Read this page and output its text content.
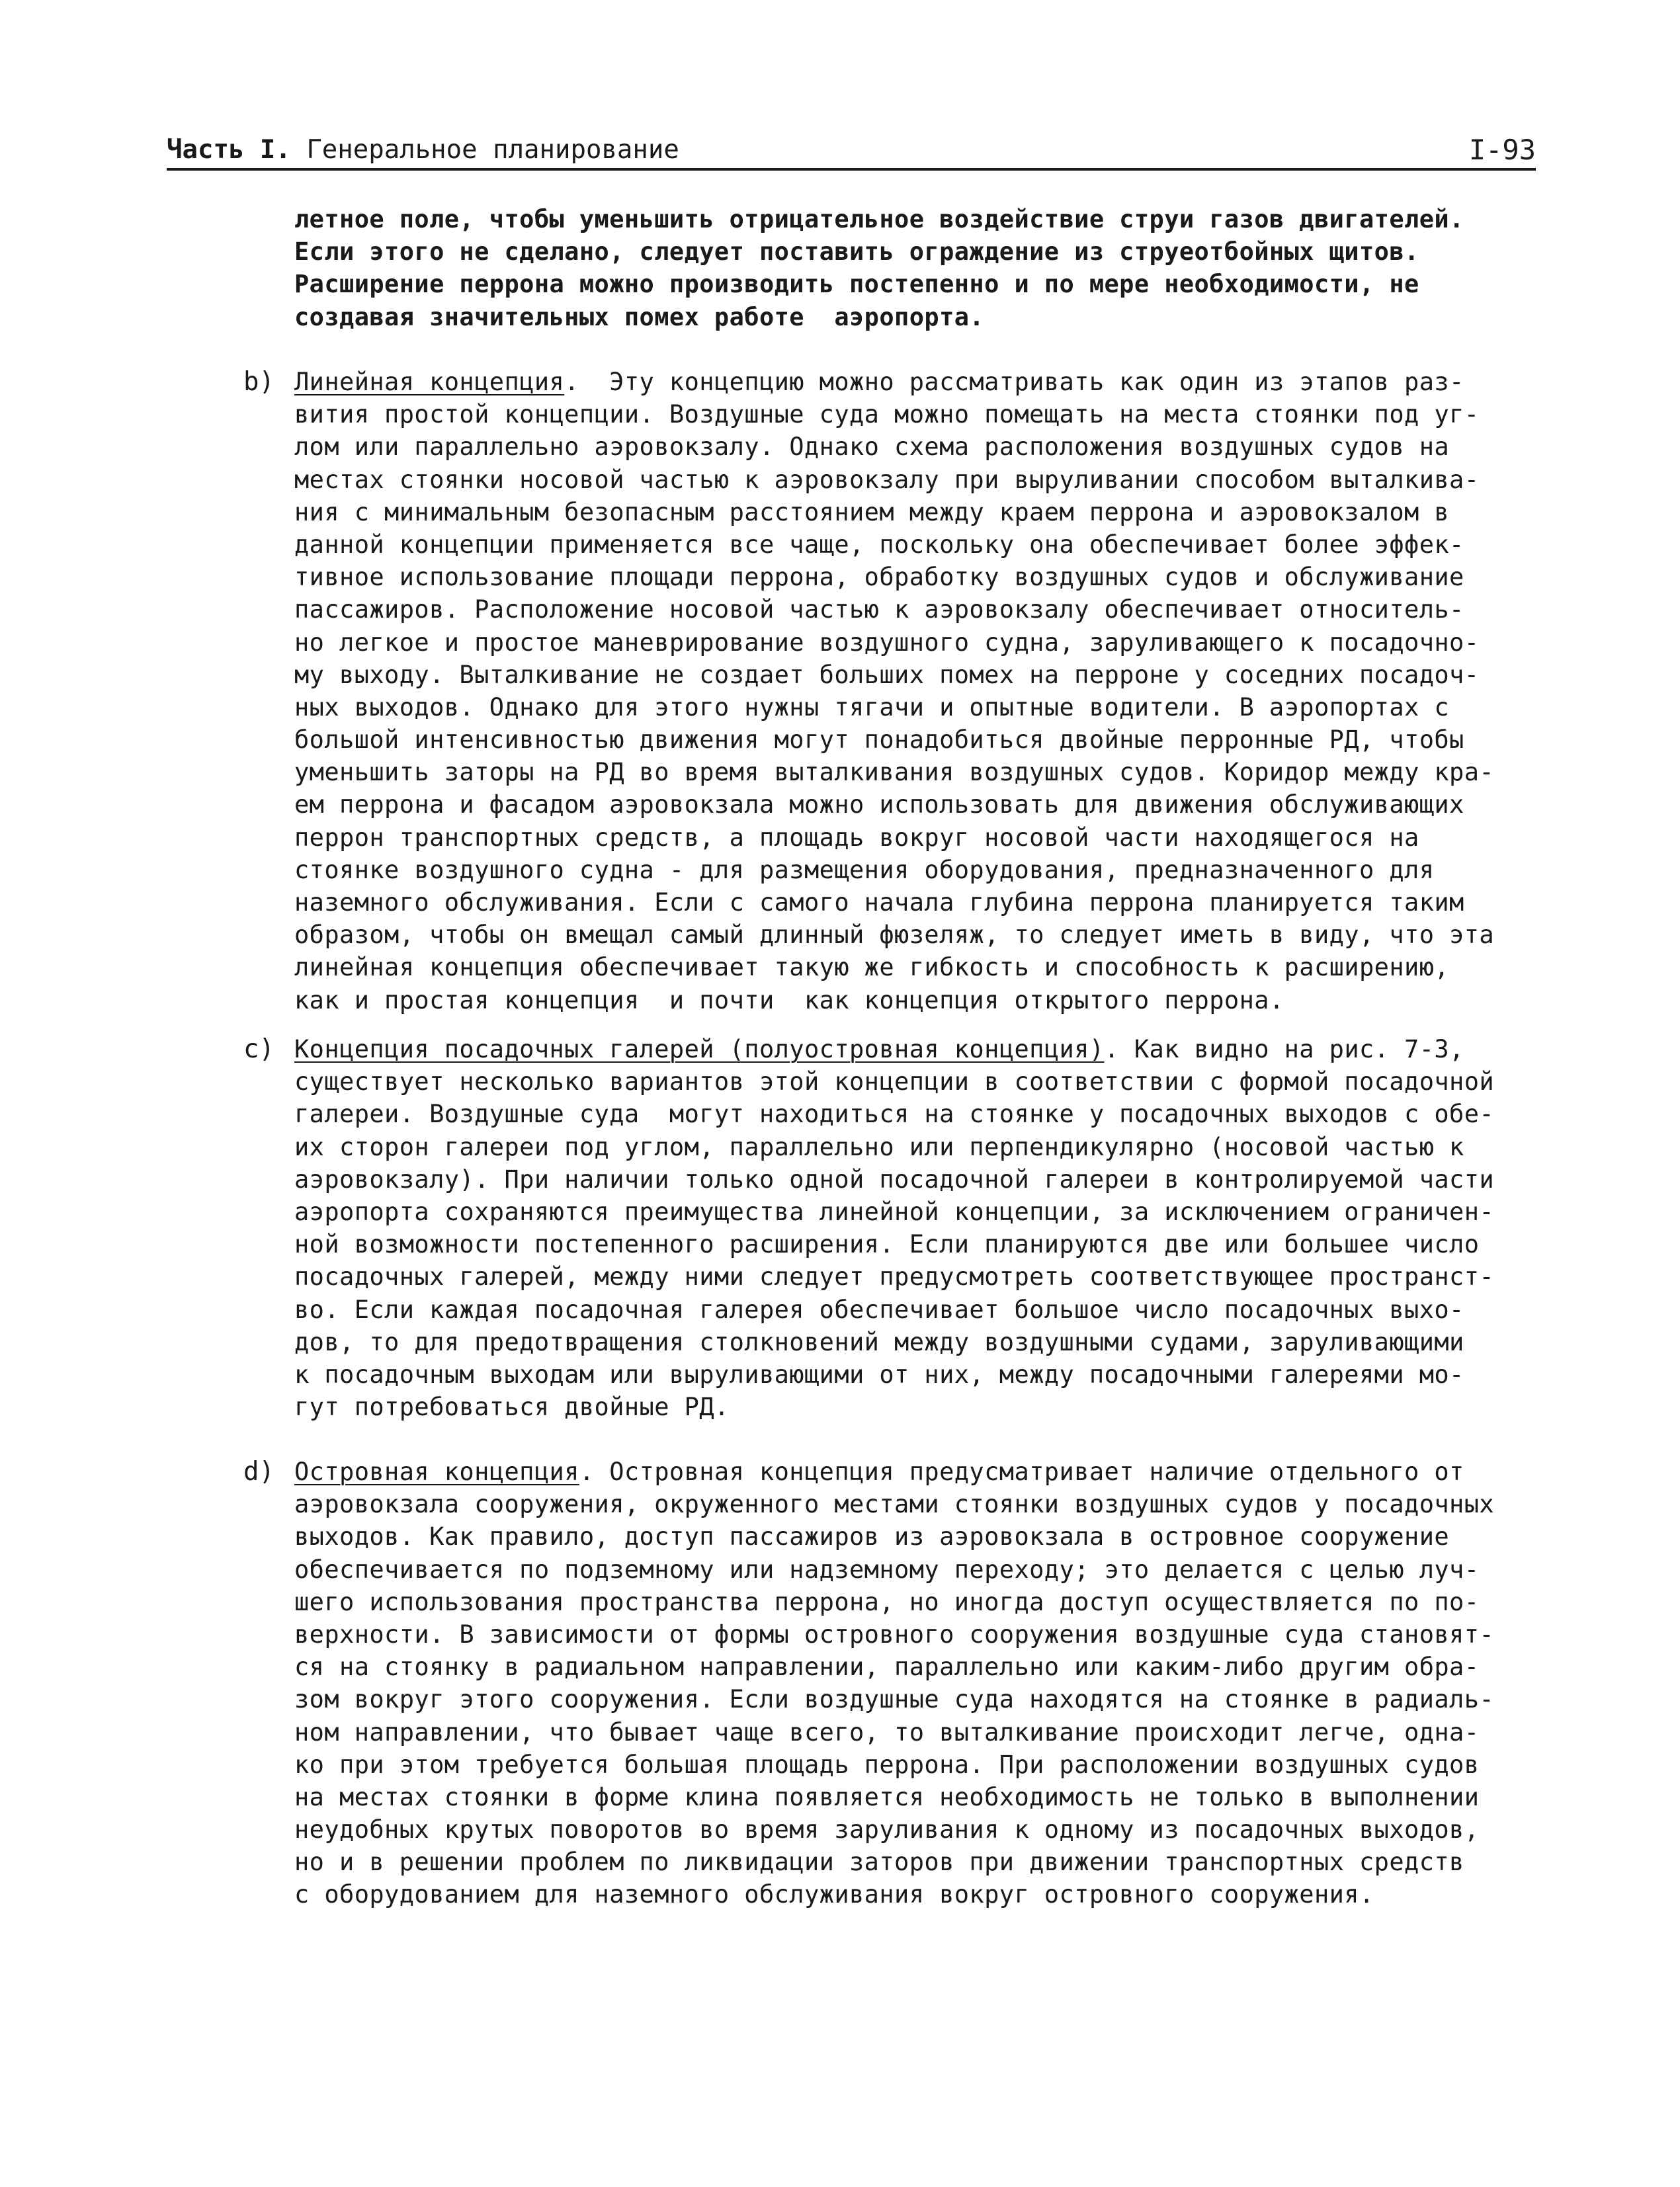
Часть I. Генеральное планирование	I-93
летное поле, чтобы уменьшить отрицательное воздействие струи газов двигателей.
Если этого не сделано, следует поставить ограждение из струеотбойных щитов.
Расширение перрона можно производить постепенно и по мере необходимости, не
создавая значительных помех работе  аэропорта.
b) Линейная концепция.  Эту концепцию можно рассматривать как один из этапов раз-
вития простой концепции. Воздушные суда можно помещать на места стоянки под уг-
лом или параллельно аэровокзалу. Однако схема расположения воздушных судов на
местах стоянки носовой частью к аэровокзалу при выруливании способом выталкива-
ния с минимальным безопасным расстоянием между краем перрона и аэровокзалом в
данной концепции применяется все чаще, поскольку она обеспечивает более эффек-
тивное использование площади перрона, обработку воздушных судов и обслуживание
пассажиров. Расположение носовой частью к аэровокзалу обеспечивает относитель-
но легкое и простое маневрирование воздушного судна, заруливающего к посадочно-
му выходу. Выталкивание не создает больших помех на перроне у соседних посадоч-
ных выходов. Однако для этого нужны тягачи и опытные водители. В аэропортах с
большой интенсивностью движения могут понадобиться двойные перронные РД, чтобы
уменьшить заторы на РД во время выталкивания воздушных судов. Коридор между кра-
ем перрона и фасадом аэровокзала можно использовать для движения обслуживающих
перрон транспортных средств, а площадь вокруг носовой части находящегося на
стоянке воздушного судна - для размещения оборудования, предназначенного для
наземного обслуживания. Если с самого начала глубина перрона планируется таким
образом, чтобы он вмещал самый длинный фюзеляж, то следует иметь в виду, что эта
линейная концепция обеспечивает такую же гибкость и способность к расширению,
как и простая концепция  и почти  как концепция открытого перрона.
c) Концепция посадочных галерей (полуостровная концепция). Как видно на рис. 7-3,
существует несколько вариантов этой концепции в соответствии с формой посадочной
галереи. Воздушные суда  могут находиться на стоянке у посадочных выходов с обе-
их сторон галереи под углом, параллельно или перпендикулярно (носовой частью к
аэровокзалу). При наличии только одной посадочной галереи в контролируемой части
аэропорта сохраняются преимущества линейной концепции, за исключением ограничен-
ной возможности постепенного расширения. Если планируются две или большее число
посадочных галерей, между ними следует предусмотреть соответствующее пространст-
во. Если каждая посадочная галерея обеспечивает большое число посадочных выхо-
дов, то для предотвращения столкновений между воздушными судами, заруливающими
к посадочным выходам или выруливающими от них, между посадочными галереями мо-
гут потребоваться двойные РД.
d) Островная концепция. Островная концепция предусматривает наличие отдельного от
аэровокзала сооружения, окруженного местами стоянки воздушных судов у посадочных
выходов. Как правило, доступ пассажиров из аэровокзала в островное сооружение
обеспечивается по подземному или надземному переходу; это делается с целью луч-
шего использования пространства перрона, но иногда доступ осуществляется по по-
верхности. В зависимости от формы островного сооружения воздушные суда становят-
ся на стоянку в радиальном направлении, параллельно или каким-либо другим обра-
зом вокруг этого сооружения. Если воздушные суда находятся на стоянке в радиаль-
ном направлении, что бывает чаще всего, то выталкивание происходит легче, одна-
ко при этом требуется большая площадь перрона. При расположении воздушных судов
на местах стоянки в форме клина появляется необходимость не только в выполнении
неудобных крутых поворотов во время заруливания к одному из посадочных выходов,
но и в решении проблем по ликвидации заторов при движении транспортных средств
с оборудованием для наземного обслуживания вокруг островного сооружения.
